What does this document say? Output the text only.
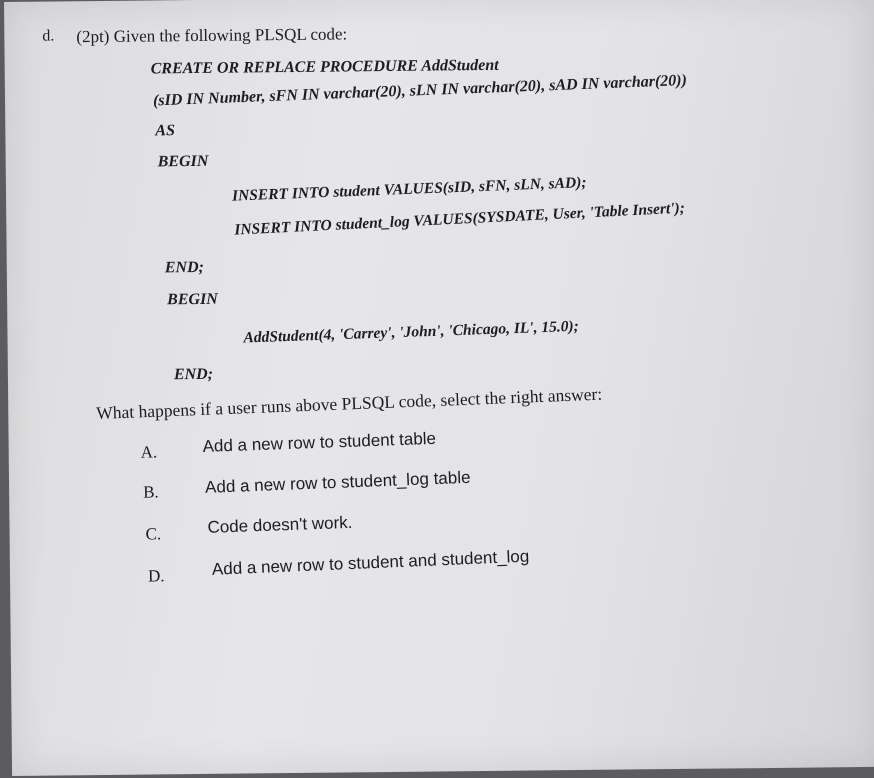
d. (2pt) Given the following PLSQL code:
CREATE OR REPLACE PROCEDURE AddStudent
(sID IN Number, sFN IN varchar(20), sLN IN varchar(20), sAD IN varchar(20))
AS
BEGIN
INSERT INTO student VALUES(sID, sFN, sLN, sAD);
INSERT INTO student_log VALUES(SYSDATE, User, 'Table Insert');
END;
BEGIN
AddStudent(4, 'Carrey', 'John', 'Chicago, IL', 15.0);
END;
What happens if a user runs above PLSQL code, select the right answer:
A.	Add a new row to student table
B.	Add a new row to student_log table
C.	Code doesn't work.
D.	Add a new row to student and student_log
